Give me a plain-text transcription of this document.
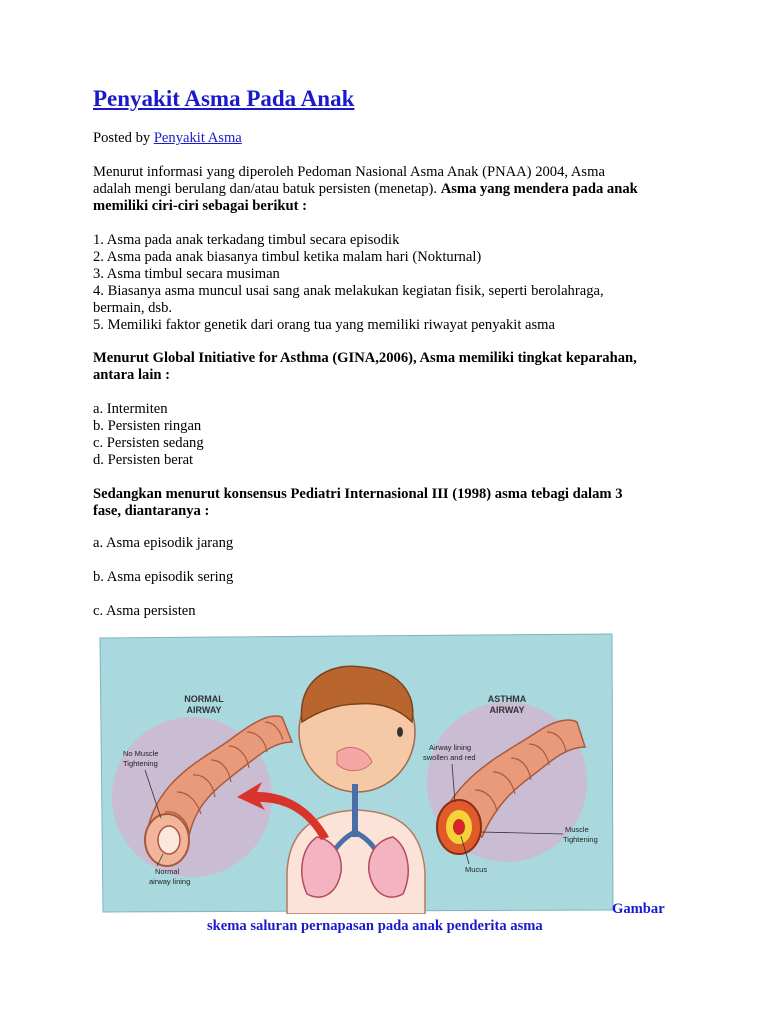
Penyakit Asma Pada Anak
Posted by Penyakit Asma
Menurut informasi yang diperoleh Pedoman Nasional Asma Anak (PNAA) 2004, Asma
adalah mengi berulang dan/atau batuk persisten (menetap). Asma yang mendera pada anak
memiliki ciri-ciri sebagai berikut :
1. Asma pada anak terkadang timbul secara episodik
2. Asma pada anak biasanya timbul ketika malam hari (Nokturnal)
3. Asma timbul secara musiman
4. Biasanya asma muncul usai sang anak melakukan kegiatan fisik, seperti berolahraga,
bermain, dsb.
5. Memiliki faktor genetik dari orang tua yang memiliki riwayat penyakit asma
Menurut Global Initiative for Asthma (GINA,2006), Asma memiliki tingkat keparahan,
antara lain :
a. Intermiten
b. Persisten ringan
c. Persisten sedang
d. Persisten berat
Sedangkan menurut konsensus Pediatri Internasional III (1998) asma tebagi dalam 3
fase, diantaranya :
a. Asma episodik jarang
b. Asma episodik sering
c. Asma persisten
NORMAL
AIRWAY
ASTHMA
AIRWAY
No Muscle
Tightening
Normal
airway lining
Airway lining
swollen and red
Muscle
Tightening
Mucus
Gambar
skema saluran pernapasan pada anak penderita asma
